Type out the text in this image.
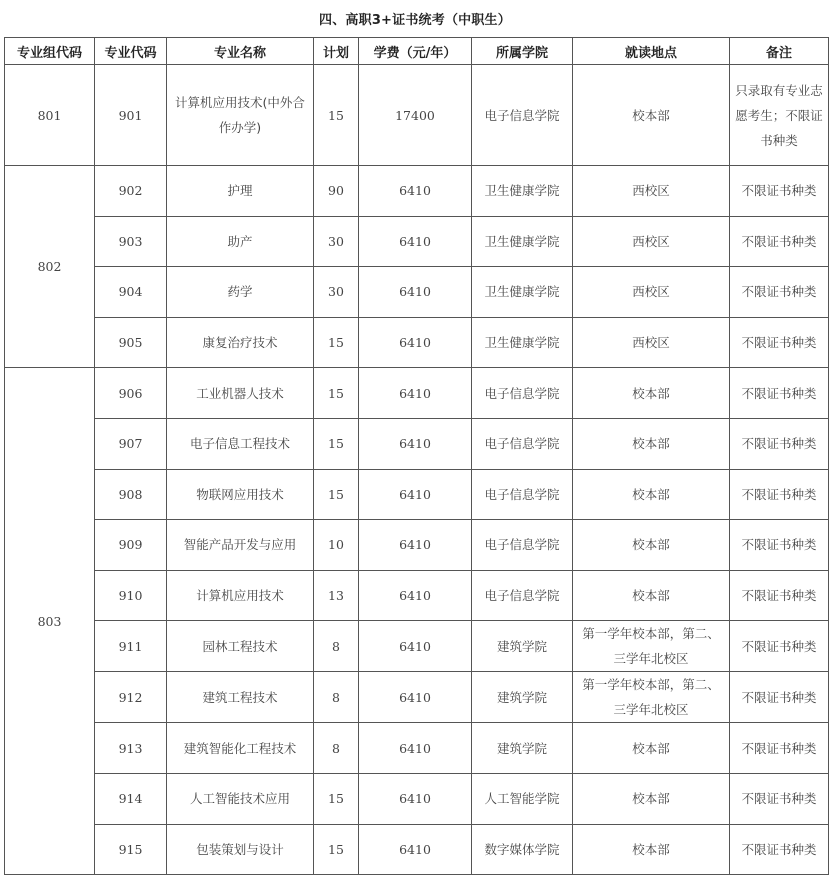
四、高职3+证书统考（中职生）
专业组代码	专业代码	专业名称	计划	学费（元/年）	所属学院	就读地点	备注
801	901	计算机应用技术(中外合作办学)	15	17400	电子信息学院	校本部	只录取有专业志愿考生；不限证书种类
802	902	护理	90	6410	卫生健康学院	西校区	不限证书种类
	903	助产	30	6410	卫生健康学院	西校区	不限证书种类
	904	药学	30	6410	卫生健康学院	西校区	不限证书种类
	905	康复治疗技术	15	6410	卫生健康学院	西校区	不限证书种类
803	906	工业机器人技术	15	6410	电子信息学院	校本部	不限证书种类
	907	电子信息工程技术	15	6410	电子信息学院	校本部	不限证书种类
	908	物联网应用技术	15	6410	电子信息学院	校本部	不限证书种类
	909	智能产品开发与应用	10	6410	电子信息学院	校本部	不限证书种类
	910	计算机应用技术	13	6410	电子信息学院	校本部	不限证书种类
	911	园林工程技术	8	6410	建筑学院	第一学年校本部，第二、三学年北校区	不限证书种类
	912	建筑工程技术	8	6410	建筑学院	第一学年校本部，第二、三学年北校区	不限证书种类
	913	建筑智能化工程技术	8	6410	建筑学院	校本部	不限证书种类
	914	人工智能技术应用	15	6410	人工智能学院	校本部	不限证书种类
	915	包装策划与设计	15	6410	数字媒体学院	校本部	不限证书种类
